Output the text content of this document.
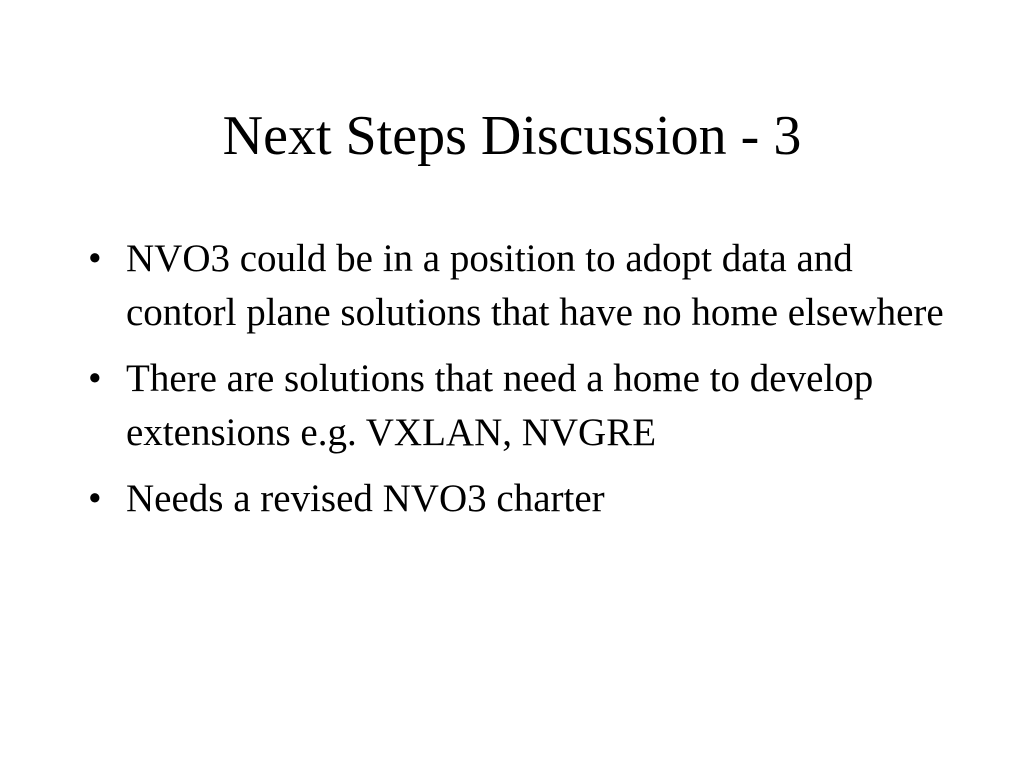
Next Steps Discussion - 3
• NVO3 could be in a position to adopt data and contorl plane solutions that have no home elsewhere
• There are solutions that need a home to develop extensions e.g. VXLAN, NVGRE
• Needs a revised NVO3 charter
